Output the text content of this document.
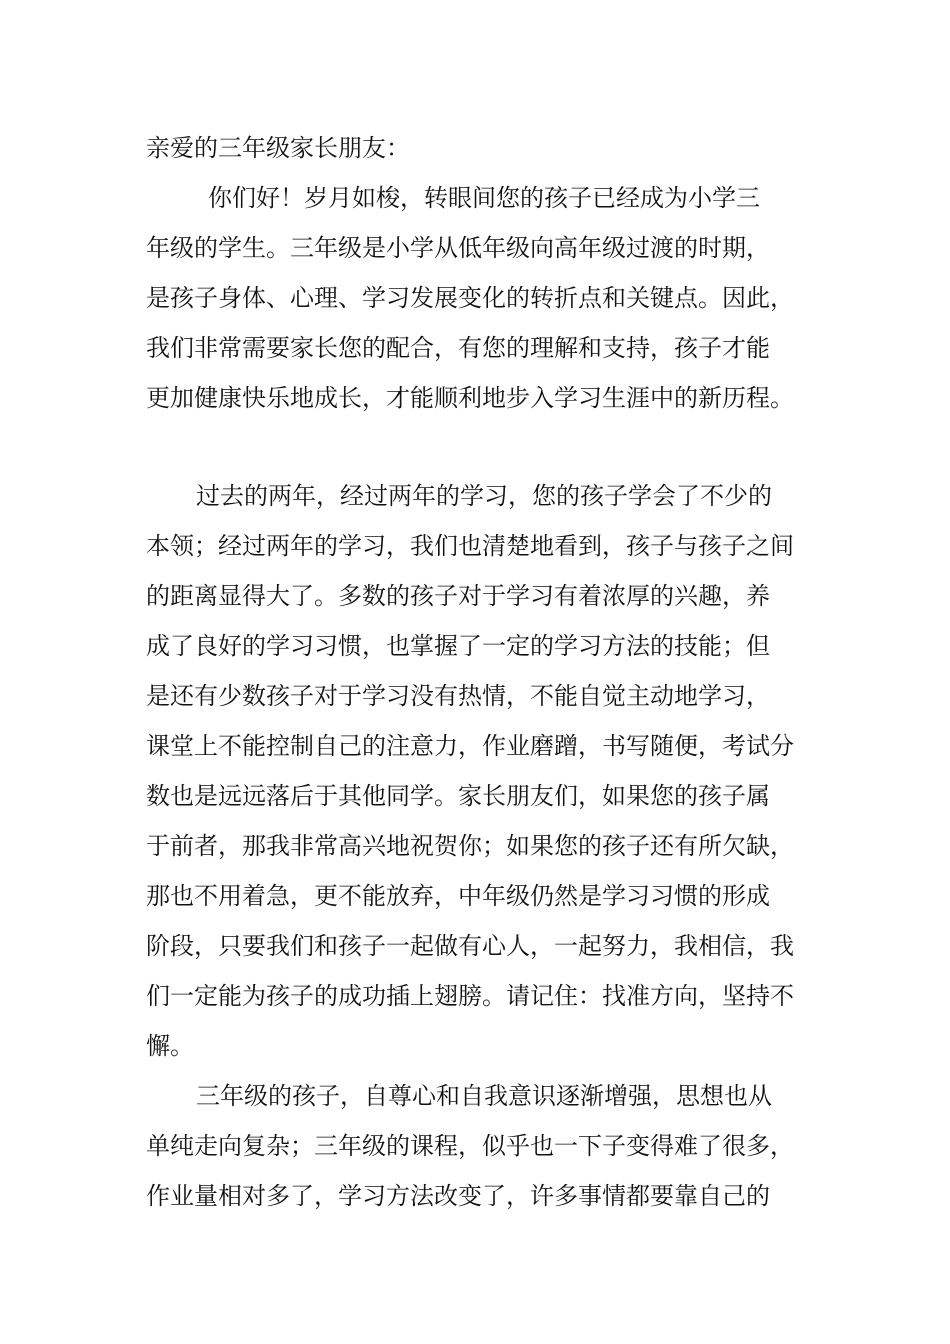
亲爱的三年级家长朋友：
你们好！岁月如梭，转眼间您的孩子已经成为小学三
年级的学生。三年级是小学从低年级向高年级过渡的时期，
是孩子身体、心理、学习发展变化的转折点和关键点。因此，
我们非常需要家长您的配合，有您的理解和支持，孩子才能
更加健康快乐地成长，才能顺利地步入学习生涯中的新历程。
过去的两年，经过两年的学习，您的孩子学会了不少的
本领；经过两年的学习，我们也清楚地看到，孩子与孩子之间
的距离显得大了。多数的孩子对于学习有着浓厚的兴趣，养
成了良好的学习习惯，也掌握了一定的学习方法的技能；但
是还有少数孩子对于学习没有热情，不能自觉主动地学习，
课堂上不能控制自己的注意力，作业磨蹭，书写随便，考试分
数也是远远落后于其他同学。家长朋友们，如果您的孩子属
于前者，那我非常高兴地祝贺你；如果您的孩子还有所欠缺，
那也不用着急，更不能放弃，中年级仍然是学习习惯的形成
阶段，只要我们和孩子一起做有心人，一起努力，我相信，我
们一定能为孩子的成功插上翅膀。请记住：找准方向，坚持不
懈。
三年级的孩子，自尊心和自我意识逐渐增强，思想也从
单纯走向复杂；三年级的课程，似乎也一下子变得难了很多，
作业量相对多了，学习方法改变了，许多事情都要靠自己的
